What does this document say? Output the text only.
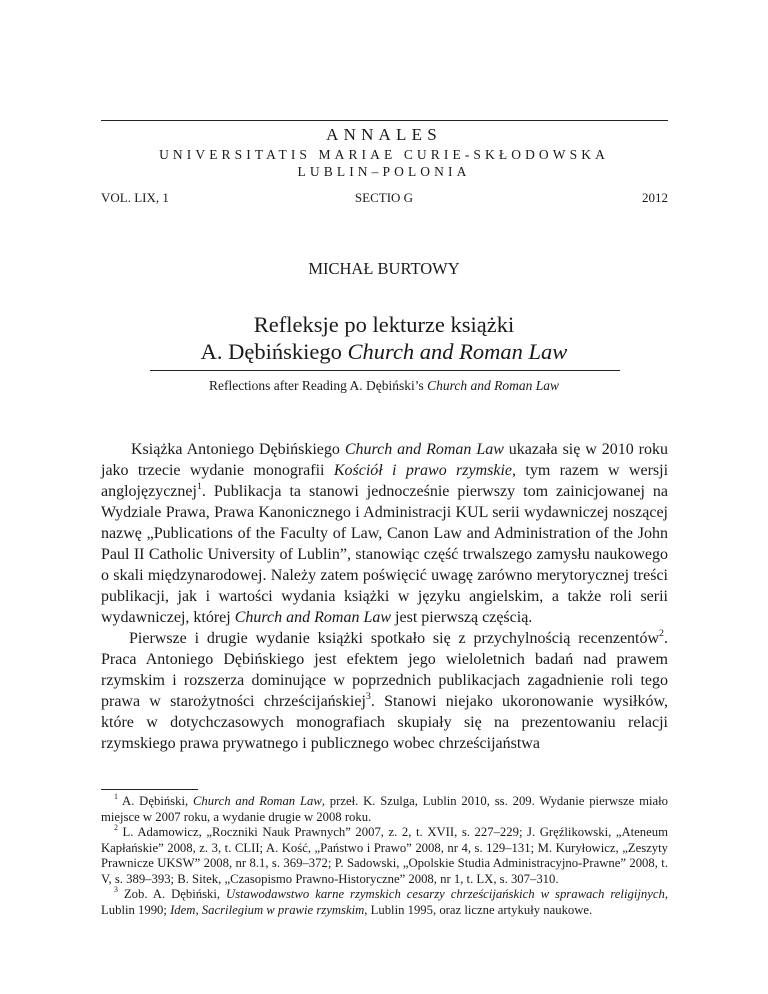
ANNALES
UNIVERSITATIS MARIAE CURIE-SKŁODOWSKA
LUBLIN–POLONIA
VOL. LIX, 1	SECTIO G	2012
MICHAŁ BURTOWY
Refleksje po lekturze książki
A. Dębińskiego Church and Roman Law
Reflections after Reading A. Dębiński’s Church and Roman Law

Książka Antoniego Dębińskiego Church and Roman Law ukazała się w 2010 roku jako trzecie wydanie monografii Kościół i prawo rzymskie, tym razem w wersji anglojęzycznej$^1$. Publikacja ta stanowi jednocześnie pierwszy tom zainicjowanej na Wydziale Prawa, Prawa Kanonicznego i Administracji KUL serii wydawniczej noszącej nazwę „Publications of the Faculty of Law, Canon Law and Administration of the John Paul II Catholic University of Lublin”, stanowiąc część trwalszego zamysłu naukowego o skali międzynarodowej. Należy zatem poświęcić uwagę zarówno merytorycznej treści publikacji, jak i wartości wydania książki w języku angielskim, a także roli serii wydawniczej, której Church and Roman Law jest pierwszą częścią.

Pierwsze i drugie wydanie książki spotkało się z przychylnością recenzentów$^2$. Praca Antoniego Dębińskiego jest efektem jego wieloletnich badań nad prawem rzymskim i rozszerza dominujące w poprzednich publikacjach zagadnienie roli tego prawa w starożytności chrześcijańskiej$^3$. Stanowi niejako ukoronowanie wysiłków, które w dotychczasowych monografiach skupiały się na prezentowaniu relacji rzymskiego prawa prywatnego i publicznego wobec chrześcijaństwa

$^1$ A. Dębiński, Church and Roman Law, przeł. K. Szulga, Lublin 2010, ss. 209. Wydanie pierwsze miało miejsce w 2007 roku, a wydanie drugie w 2008 roku.

$^2$ L. Adamowicz, „Roczniki Nauk Prawnych” 2007, z. 2, t. XVII, s. 227–229; J. Gręźlikowski, „Ateneum Kapłańskie” 2008, z. 3, t. CLII; A. Kość, „Państwo i Prawo” 2008, nr 4, s. 129–131; M. Kuryłowicz, „Zeszyty Prawnicze UKSW” 2008, nr 8.1, s. 369–372; P. Sadowski, „Opolskie Studia Administracyjno-Prawne” 2008, t. V, s. 389–393; B. Sitek, „Czasopismo Prawno-Historyczne” 2008, nr 1, t. LX, s. 307–310.

$^3$ Zob. A. Dębiński, Ustawodawstwo karne rzymskich cesarzy chrześcijańskich w sprawach religijnych, Lublin 1990; Idem, Sacrilegium w prawie rzymskim, Lublin 1995, oraz liczne artykuły naukowe.
